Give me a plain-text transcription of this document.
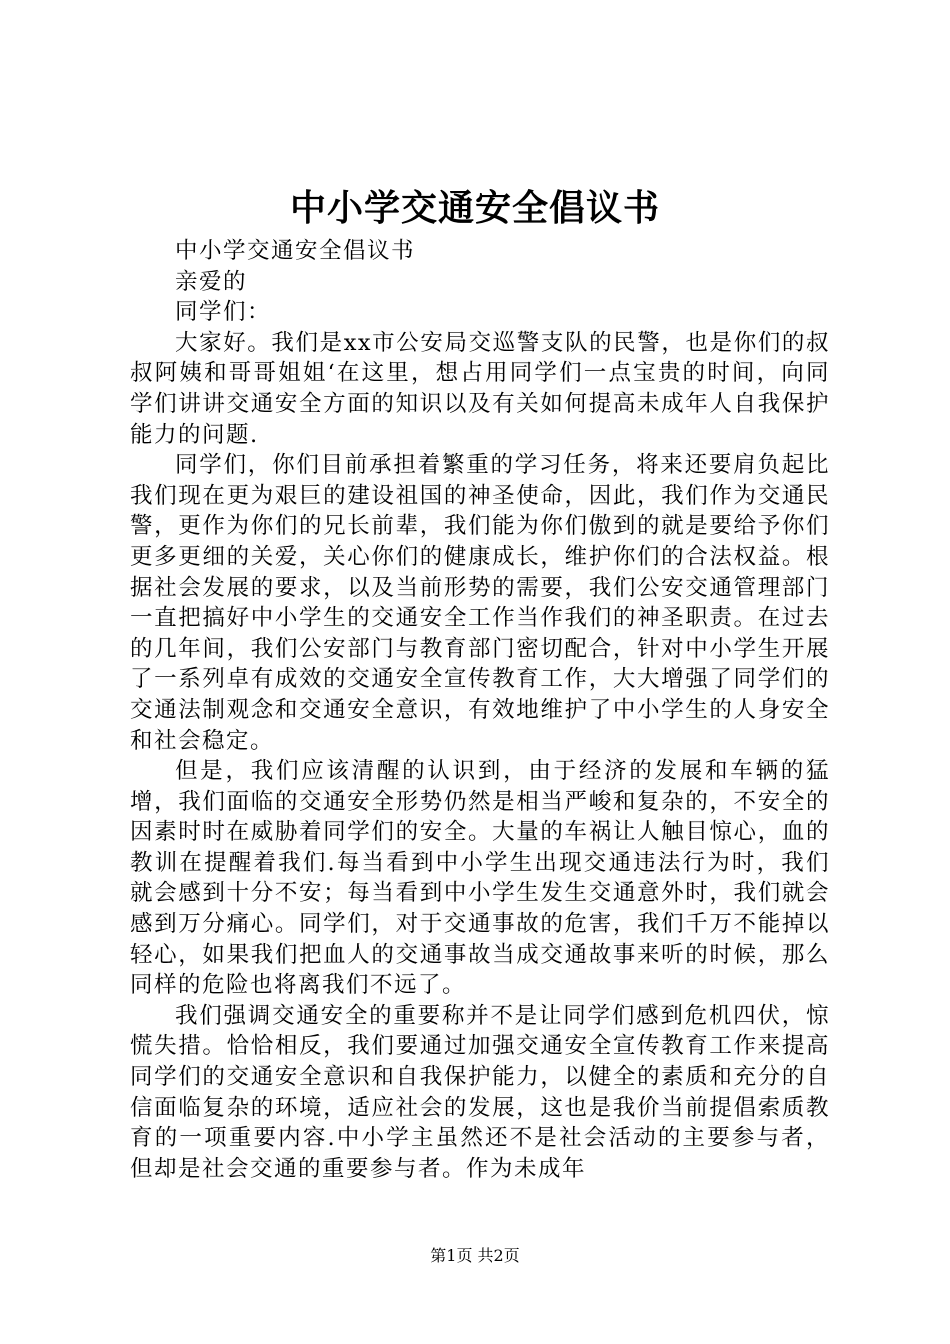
中小学交通安全倡议书

中小学交通安全倡议书

亲爱的

同学们：

大家好。我们是xx市公安局交巡警支队的民警，也是你们的叔叔阿姨和哥哥姐姐‘在这里，想占用同学们一点宝贵的时间，向同学们讲讲交通安全方面的知识以及有关如何提高未成年人自我保护能力的问题.

同学们，你们目前承担着繁重的学习任务，将来还要肩负起比我们现在更为艰巨的建设祖国的神圣使命，因此，我们作为交通民警，更作为你们的兄长前辈，我们能为你们傲到的就是要给予你们更多更细的关爱，关心你们的健康成长，维护你们的合法权益。根据社会发展的要求，以及当前形势的需要，我们公安交通管理部门一直把搞好中小学生的交通安全工作当作我们的神圣职责。在过去的几年间，我们公安部门与教育部门密切配合，针对中小学生开展了一系列卓有成效的交通安全宣传教育工作，大大增强了同学们的交通法制观念和交通安全意识，有效地维护了中小学生的人身安全和社会稳定。

但是，我们应该清醒的认识到，由于经济的发展和车辆的猛增，我们面临的交通安全形势仍然是相当严峻和复杂的，不安全的因素时时在威胁着同学们的安全。大量的车祸让人触目惊心，血的教训在提醒着我们.每当看到中小学生出现交通违法行为时，我们就会感到十分不安；每当看到中小学生发生交通意外时，我们就会感到万分痛心。同学们，对于交通事故的危害，我们千万不能掉以轻心，如果我们把血人的交通事故当成交通故事来听的时候，那么同样的危险也将离我们不远了。

我们强调交通安全的重要称并不是让同学们感到危机四伏，惊慌失措。恰恰相反，我们要通过加强交通安全宣传教育工作来提高同学们的交通安全意识和自我保护能力，以健全的素质和充分的自信面临复杂的环境，适应社会的发展，这也是我价当前提倡索质教育的一项重要内容.中小学主虽然还不是社会活动的主要参与者，但却是社会交通的重要参与者。作为未成年

第1页 共2页
